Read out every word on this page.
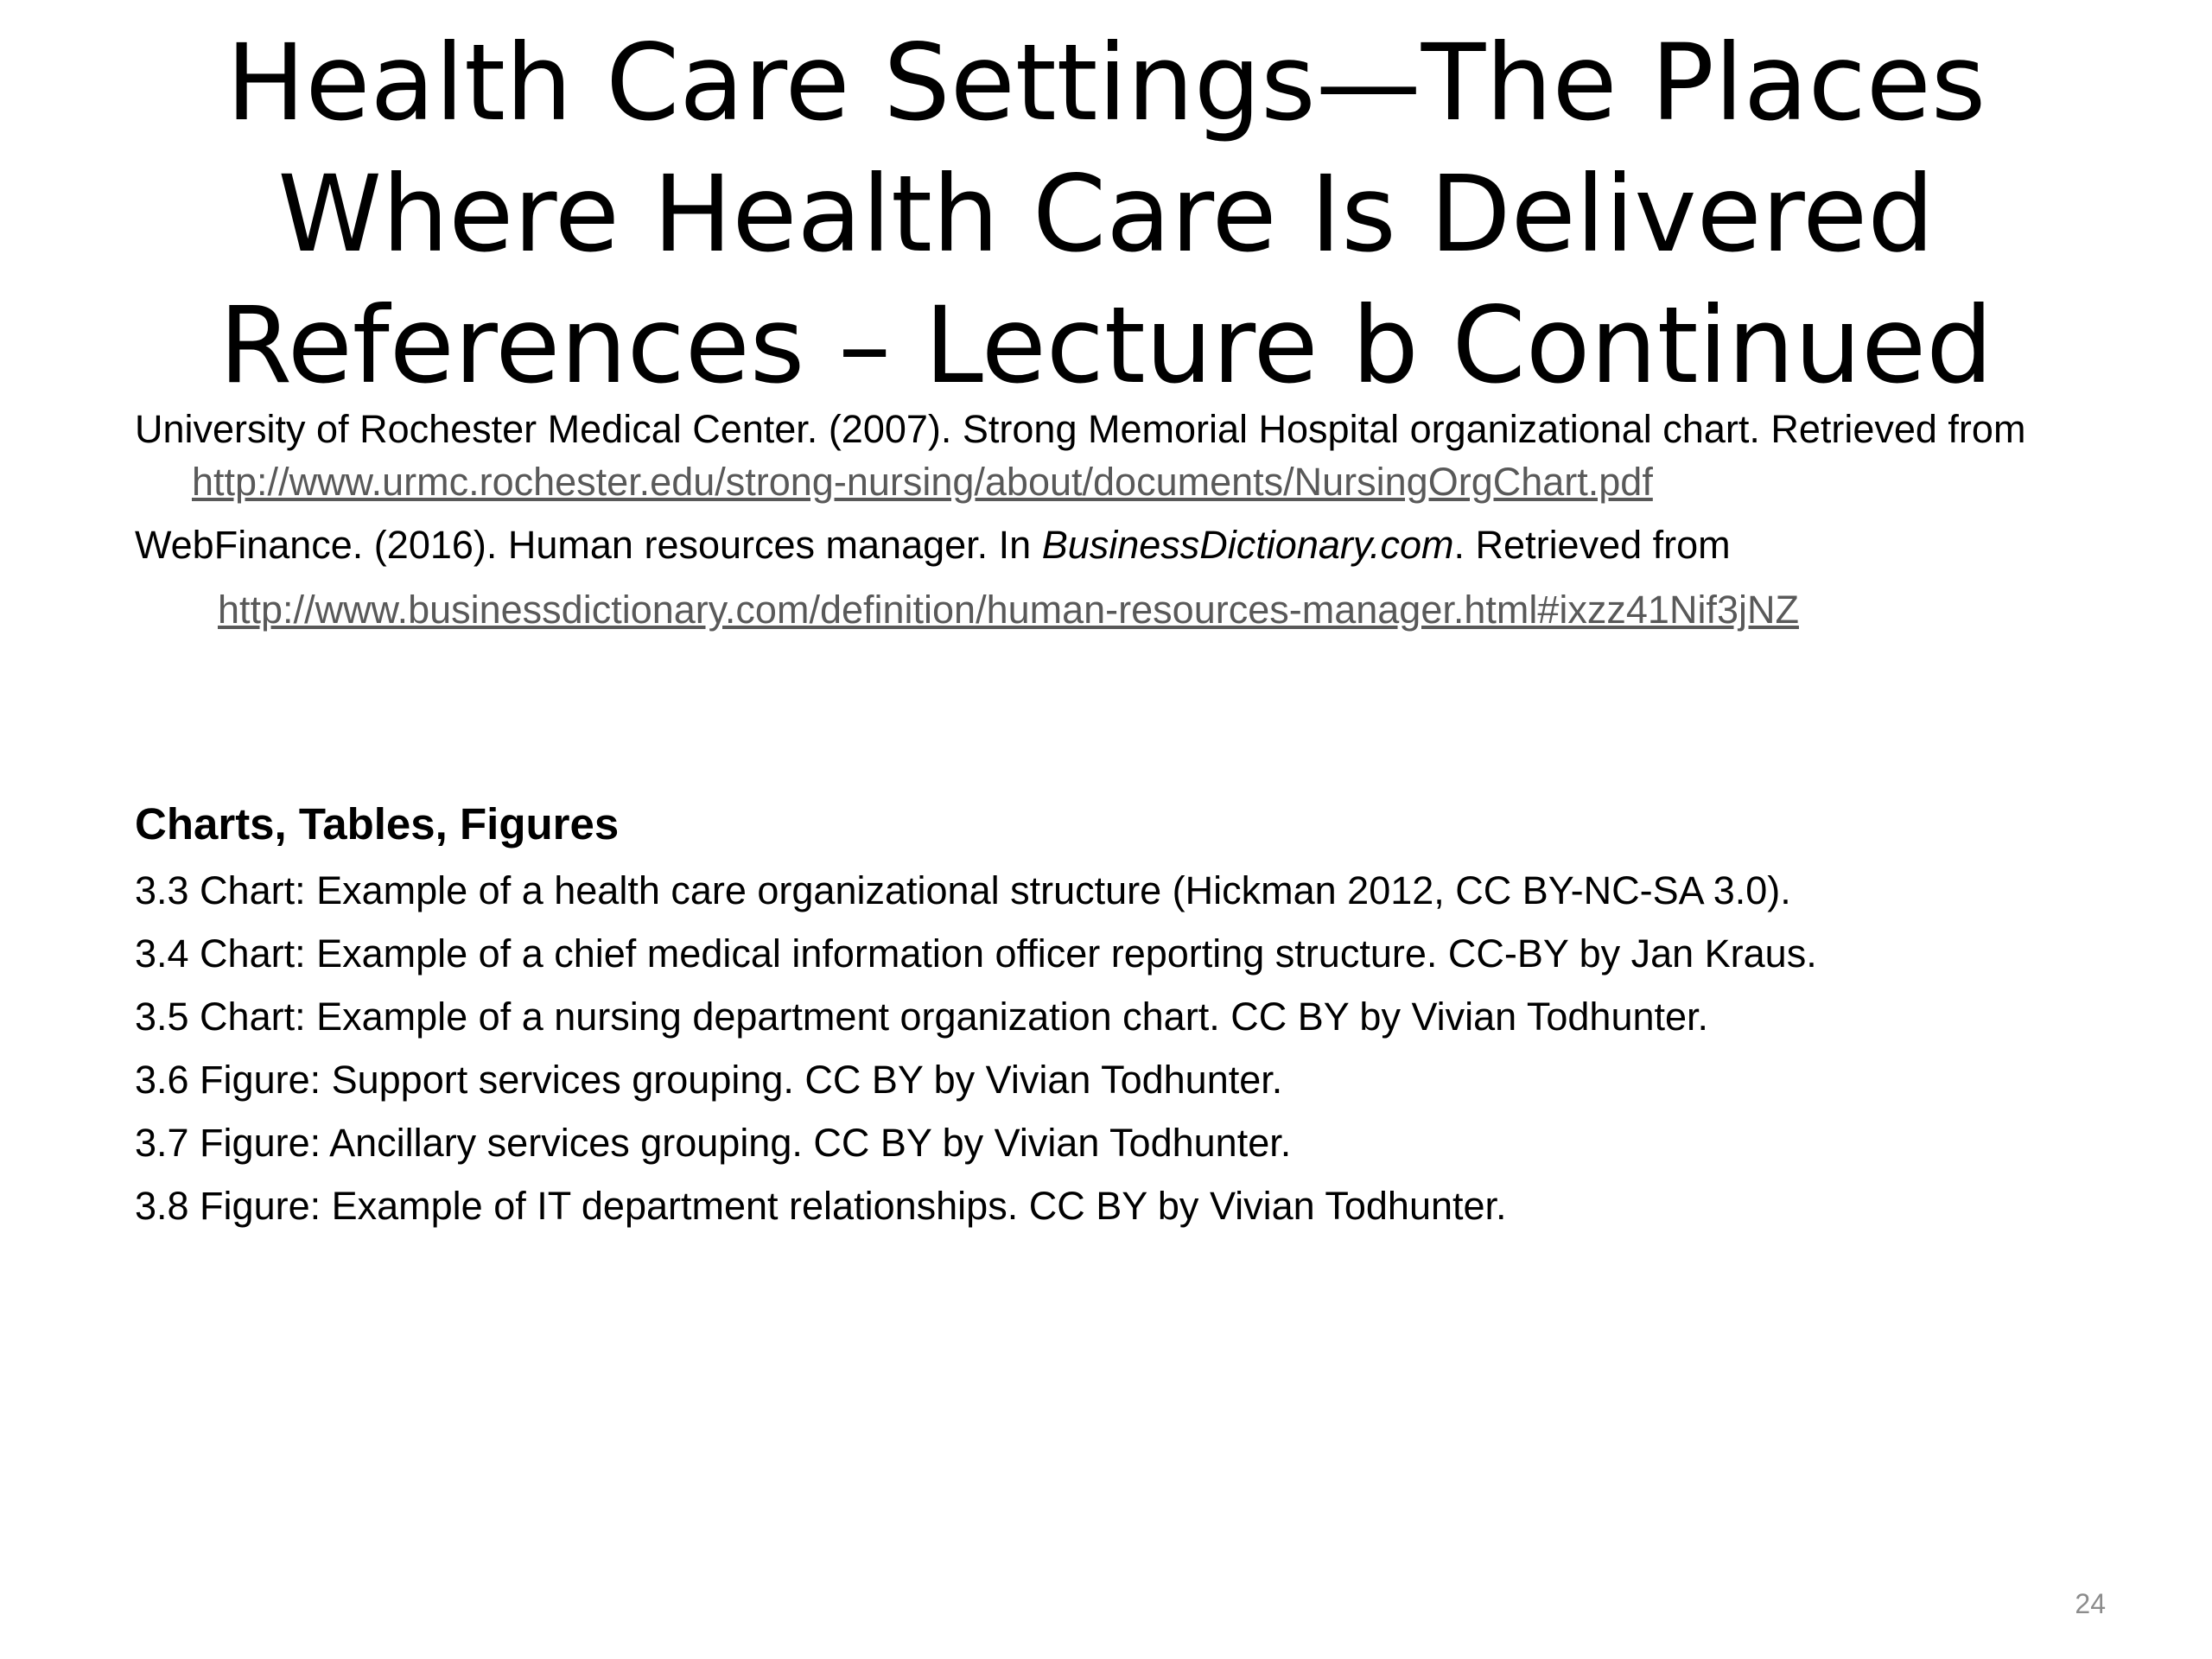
Health Care Settings—The Places
Where Health Care Is Delivered
References – Lecture b Continued

University of Rochester Medical Center. (2007). Strong Memorial Hospital organizational chart. Retrieved from http://www.urmc.rochester.edu/strong-nursing/about/documents/NursingOrgChart.pdf

WebFinance. (2016). Human resources manager. In BusinessDictionary.com. Retrieved from
http://www.businessdictionary.com/definition/human-resources-manager.html#ixzz41Nif3jNZ

Charts, Tables, Figures
3.3 Chart: Example of a health care organizational structure (Hickman 2012, CC BY-NC-SA 3.0).
3.4 Chart: Example of a chief medical information officer reporting structure. CC-BY by Jan Kraus.
3.5 Chart: Example of a nursing department organization chart. CC BY by Vivian Todhunter.
3.6 Figure: Support services grouping. CC BY by Vivian Todhunter.
3.7 Figure: Ancillary services grouping. CC BY by Vivian Todhunter.
3.8 Figure: Example of IT department relationships. CC BY by Vivian Todhunter.
24
